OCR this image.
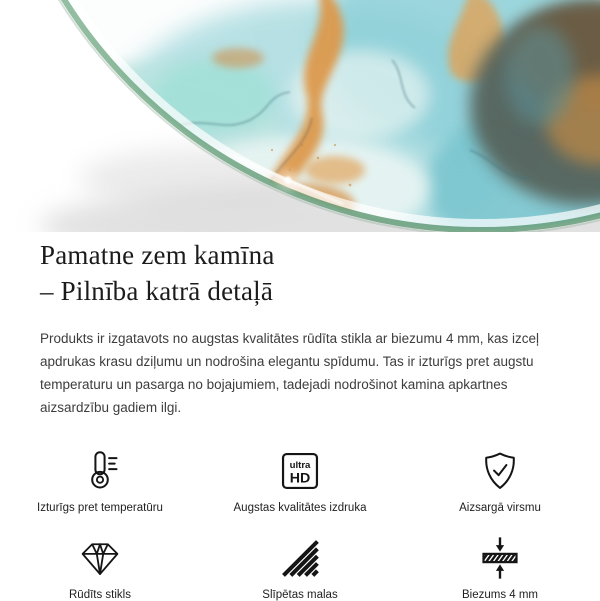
Pamatne zem kamīna
– Pilnība katrā detaļā

Produkts ir izgatavots no augstas kvalitātes rūdīta stikla ar biezumu 4 mm, kas izceļ apdrukas krasu dziļumu un nodrošina elegantu spīdumu. Tas ir izturīgs pret augstu temperaturu un pasarga no bojajumiem, tadejadi nodrošinot kamina apkartnes aizsardzību gadiem ilgi.

Izturīgs pret temperatūru
ultra
HD
Augstas kvalitātes izdruka	Aizsargā virsmu
Rūdīts stikls	Slīpētas malas	Biezums 4 mm
